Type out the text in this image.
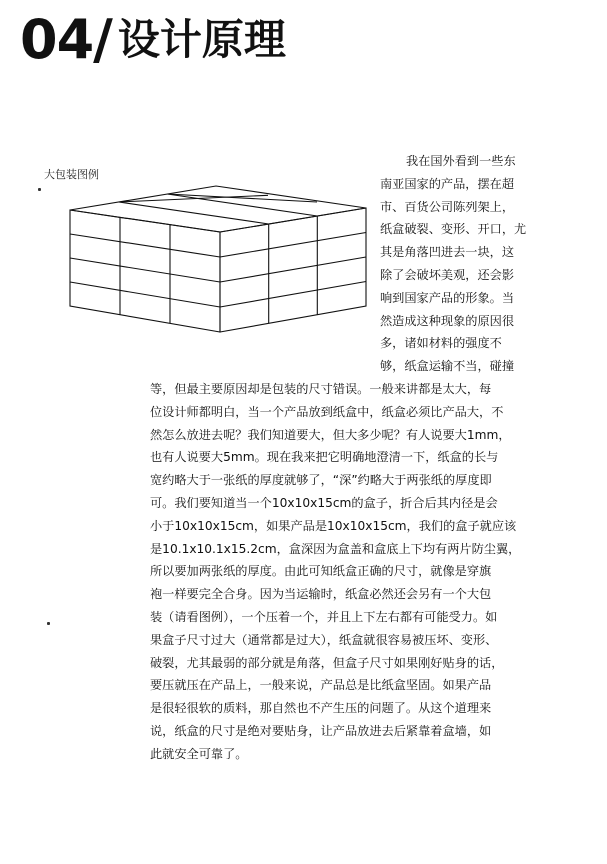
04/ 设计原理
大包装图例
我在国外看到一些东
南亚国家的产品，摆在超
市、百货公司陈列架上，
纸盒破裂、变形、开口，尤
其是角落凹进去一块，这
除了会破坏美观，还会影
响到国家产品的形象。当
然造成这种现象的原因很
多，诸如材料的强度不
够，纸盒运输不当，碰撞
等，但最主要原因却是包装的尺寸错误。一般来讲都是太大，每
位设计师都明白，当一个产品放到纸盒中，纸盒必须比产品大，不
然怎么放进去呢？我们知道要大，但大多少呢？有人说要大1mm，
也有人说要大5mm。现在我来把它明确地澄清一下，纸盒的长与
宽约略大于一张纸的厚度就够了，“深”约略大于两张纸的厚度即
可。我们要知道当一个10x10x15cm的盒子，折合后其内径是会
小于10x10x15cm，如果产品是10x10x15cm，我们的盒子就应该
是10.1x10.1x15.2cm，盒深因为盒盖和盒底上下均有两片防尘翼，
所以要加两张纸的厚度。由此可知纸盒正确的尺寸，就像是穿旗
袍一样要完全合身。因为当运输时，纸盒必然还会另有一个大包
装（请看图例），一个压着一个，并且上下左右都有可能受力。如
果盒子尺寸过大（通常都是过大），纸盒就很容易被压坏、变形、
破裂，尤其最弱的部分就是角落，但盒子尺寸如果刚好贴身的话，
要压就压在产品上，一般来说，产品总是比纸盒坚固。如果产品
是很轻很软的质料，那自然也不产生压的问题了。从这个道理来
说，纸盒的尺寸是绝对要贴身，让产品放进去后紧靠着盒墙，如
此就安全可靠了。
